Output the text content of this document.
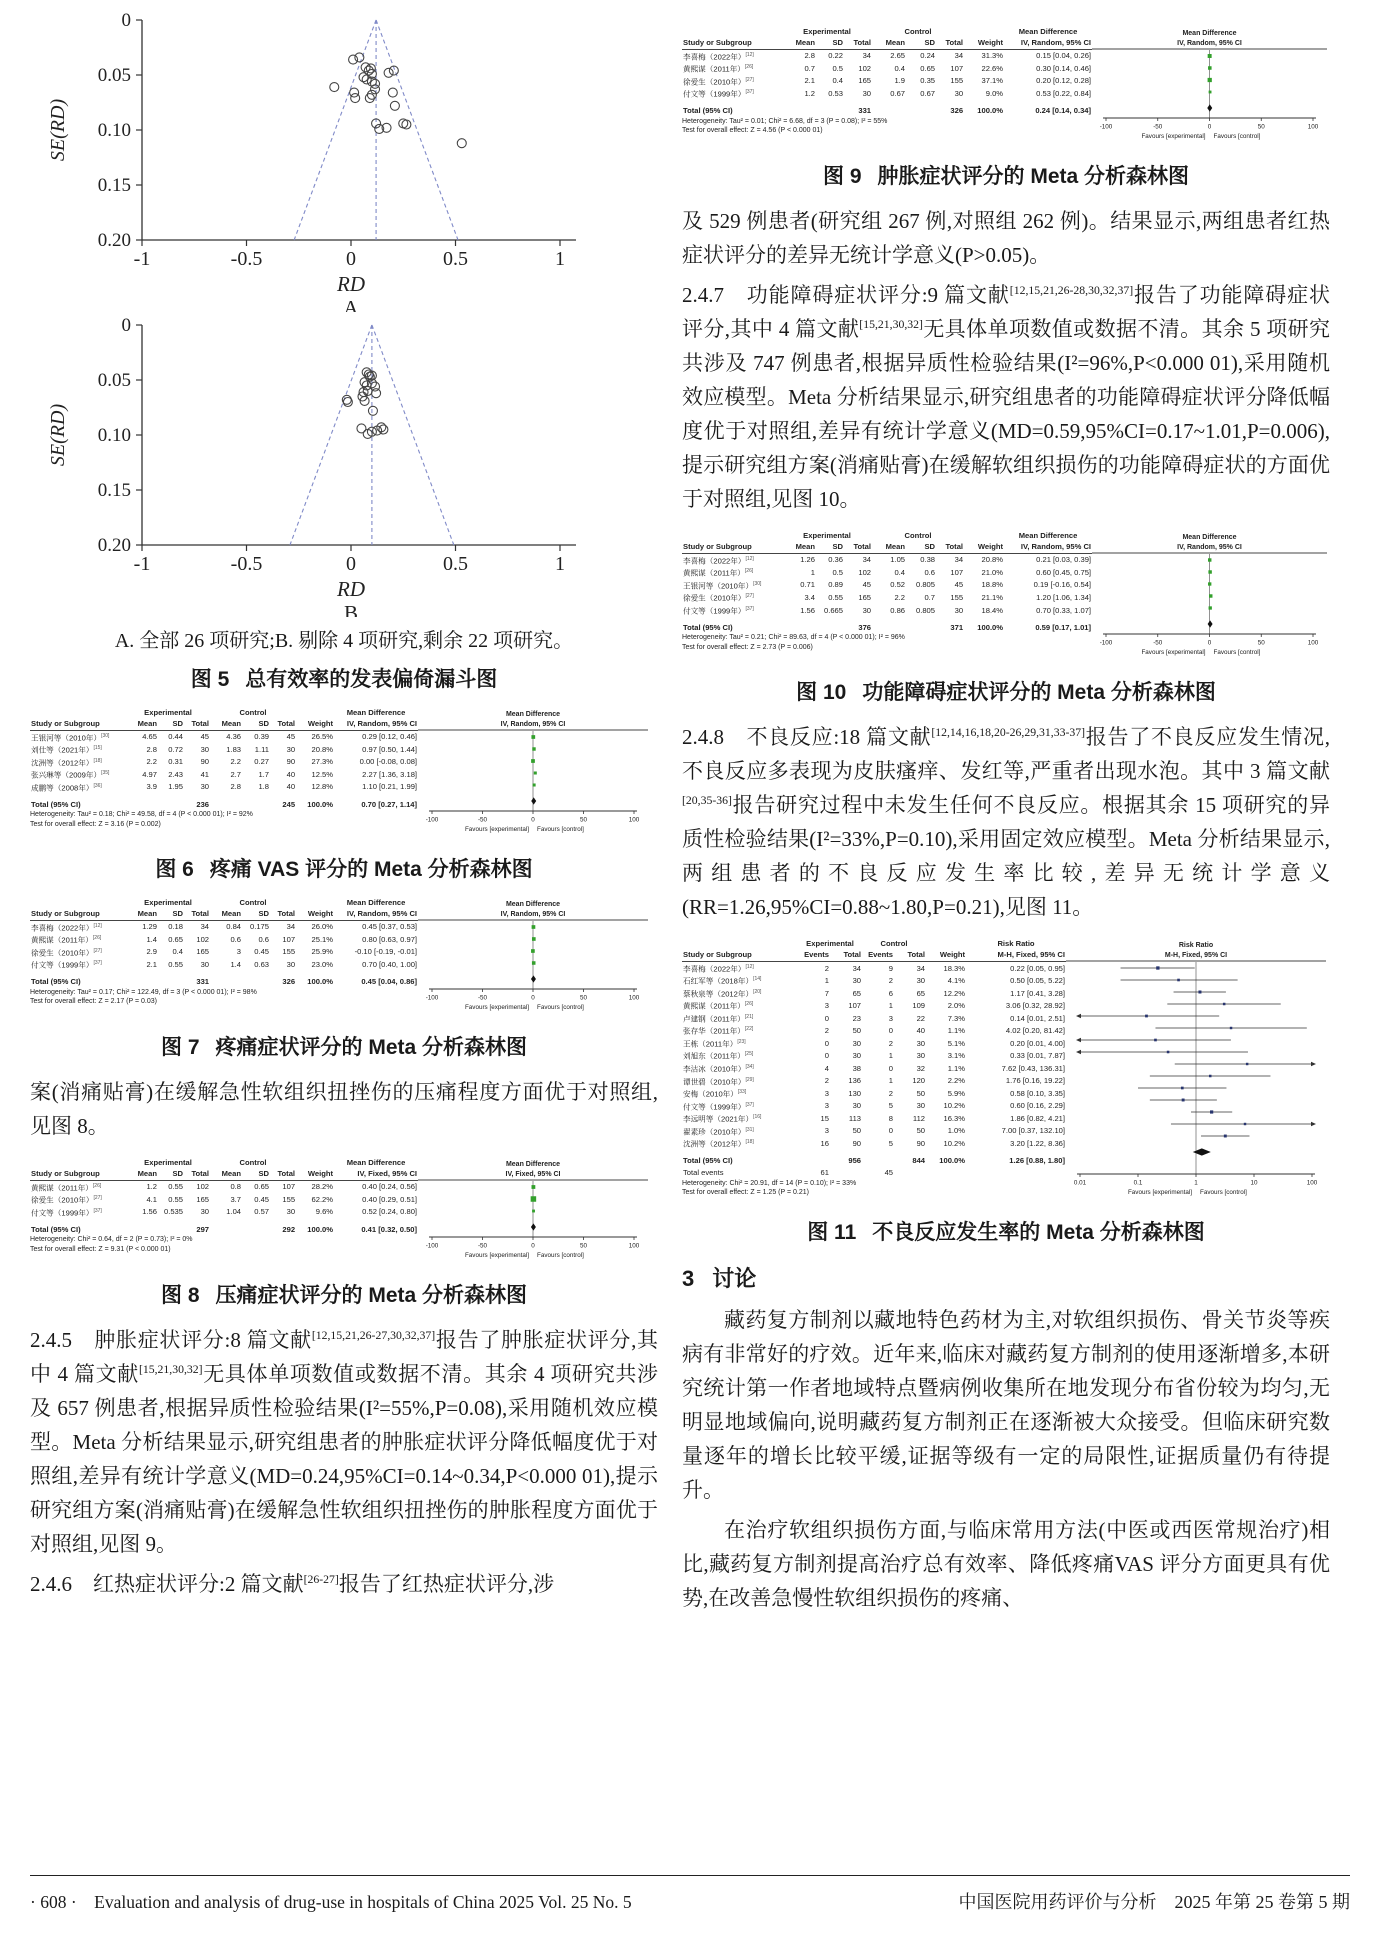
0
0.05
0.10
0.15
0.20
-1	-0.5	0	0.5	1
SE(RD)
RD
A
0
0.05
0.10
0.15
0.20
-1	-0.5	0	0.5	1
SE(RD)
RD
B
A. 全部 26 项研究;B. 剔除 4 项研究,剩余 22 项研究。
图 5 总有效率的发表偏倚漏斗图
	Experimental			Control				Mean Difference
Study or Subgroup	Mean	SD	Total	Mean	SD	Total	Weight	IV, Random, 95% CI
王银河等（2010年）[30]	4.65	0.44	45	4.36	0.39	45	26.5%	0.29 [0.12, 0.46]
刘仕等（2021年）[15]	2.8	0.72	30	1.83	1.11	30	20.8%	0.97 [0.50, 1.44]
沈洲等（2012年）[18]	2.2	0.31	90	2.2	0.27	90	27.3%	0.00 [-0.08, 0.08]
张兴琳等（2009年）[35]	4.97	2.43	41	2.7	1.7	40	12.5%	2.27 [1.36, 3.18]
成鹏等（2008年）[36]	3.9	1.95	30	2.8	1.8	40	12.8%	1.10 [0.21, 1.99]

Total (95% CI)			236			245	100.0%	0.70 [0.27, 1.14]
Heterogeneity: Tau² = 0.18; Chi² = 49.58, df = 4 (P < 0.000 01); I² = 92%
Test for overall effect: Z = 3.16 (P = 0.002)
Mean Difference
IV, Random, 95% CI
-100	-50	0	50	100
Favours [experimental] Favours [control]
图 6 疼痛 VAS 评分的 Meta 分析森林图
	Experimental			Control				Mean Difference
Study or Subgroup	Mean	SD	Total	Mean	SD	Total	Weight	IV, Random, 95% CI
李喜梅（2022年）[12]	1.29	0.18	34	0.84	0.175	34	26.0%	0.45 [0.37, 0.53]
黄熙谋（2011年）[26]	1.4	0.65	102	0.6	0.6	107	25.1%	0.80 [0.63, 0.97]
徐爱生（2010年）[27]	2.9	0.4	165	3	0.45	155	25.9%	-0.10 [-0.19, -0.01]
付文等（1999年）[37]	2.1	0.55	30	1.4	0.63	30	23.0%	0.70 [0.40, 1.00]

Total (95% CI)			331			326	100.0%	0.45 [0.04, 0.86]
Heterogeneity: Tau² = 0.17; Chi² = 122.49, df = 3 (P < 0.000 01); I² = 98%
Test for overall effect: Z = 2.17 (P = 0.03)
Mean Difference
IV, Random, 95% CI
-100	-50	0	50	100
Favours [experimental] Favours [control]
图 7 疼痛症状评分的 Meta 分析森林图

案(消痛贴膏)在缓解急性软组织扭挫伤的压痛程度方面优于对照组,见图 8。

	Experimental			Control				Mean Difference
Study or Subgroup	Mean	SD	Total	Mean	SD	Total	Weight	IV, Fixed, 95% CI
黄熙谋（2011年）[26]	1.2	0.55	102	0.8	0.65	107	28.2%	0.40 [0.24, 0.56]
徐爱生（2010年）[27]	4.1	0.55	165	3.7	0.45	155	62.2%	0.40 [0.29, 0.51]
付文等（1999年）[37]	1.56	0.535	30	1.04	0.57	30	9.6%	0.52 [0.24, 0.80]

Total (95% CI)			297			292	100.0%	0.41 [0.32, 0.50]
Heterogeneity: Chi² = 0.64, df = 2 (P = 0.73); I² = 0%
Test for overall effect: Z = 9.31 (P < 0.000 01)
Mean Difference
IV, Fixed, 95% CI
-100	-50	0	50	100
Favours [experimental] Favours [control]
图 8 压痛症状评分的 Meta 分析森林图

2.4.5　肿胀症状评分:8 篇文献[12,15,21,26-27,30,32,37]报告了肿胀症状评分,其中 4 篇文献[15,21,30,32]无具体单项数值或数据不清。其余 4 项研究共涉及 657 例患者,根据异质性检验结果(I²=55%,P=0.08),采用随机效应模型。Meta 分析结果显示,研究组患者的肿胀症状评分降低幅度优于对照组,差异有统计学意义(MD=0.24,95%CI=0.14~0.34,P<0.000 01),提示研究组方案(消痛贴膏)在缓解急性软组织扭挫伤的肿胀程度方面优于对照组,见图 9。

2.4.6　红热症状评分:2 篇文献[26-27]报告了红热症状评分,涉

	Experimental			Control				Mean Difference
Study or Subgroup	Mean	SD	Total	Mean	SD	Total	Weight	IV, Random, 95% CI
李喜梅（2022年）[12]	2.8	0.22	34	2.65	0.24	34	31.3%	0.15 [0.04, 0.26]
黄熙谋（2011年）[26]	0.7	0.5	102	0.4	0.65	107	22.6%	0.30 [0.14, 0.46]
徐爱生（2010年）[27]	2.1	0.4	165	1.9	0.35	155	37.1%	0.20 [0.12, 0.28]
付文等（1999年）[37]	1.2	0.53	30	0.67	0.67	30	9.0%	0.53 [0.22, 0.84]

Total (95% CI)			331			326	100.0%	0.24 [0.14, 0.34]
Heterogeneity: Tau² = 0.01; Chi² = 6.68, df = 3 (P = 0.08); I² = 55%
Test for overall effect: Z = 4.56 (P < 0.000 01)
Mean Difference
IV, Random, 95% CI
-100	-50	0	50	100
Favours [experimental] Favours [control]
图 9 肿胀症状评分的 Meta 分析森林图

及 529 例患者(研究组 267 例,对照组 262 例)。结果显示,两组患者红热症状评分的差异无统计学意义(P>0.05)。

2.4.7　功能障碍症状评分:9 篇文献[12,15,21,26-28,30,32,37]报告了功能障碍症状评分,其中 4 篇文献[15,21,30,32]无具体单项数值或数据不清。其余 5 项研究共涉及 747 例患者,根据异质性检验结果(I²=96%,P<0.000 01),采用随机效应模型。Meta 分析结果显示,研究组患者的功能障碍症状评分降低幅度优于对照组,差异有统计学意义(MD=0.59,95%CI=0.17~1.01,P=0.006),提示研究组方案(消痛贴膏)在缓解软组织损伤的功能障碍症状的方面优于对照组,见图 10。

	Experimental			Control				Mean Difference
Study or Subgroup	Mean	SD	Total	Mean	SD	Total	Weight	IV, Random, 95% CI
李喜梅（2022年）[12]	1.26	0.36	34	1.05	0.38	34	20.8%	0.21 [0.03, 0.39]
黄熙谋（2011年）[26]	1	0.5	102	0.4	0.6	107	21.0%	0.60 [0.45, 0.75]
王银河等（2010年）[30]	0.71	0.89	45	0.52	0.805	45	18.8%	0.19 [-0.16, 0.54]
徐爱生（2010年）[27]	3.4	0.55	165	2.2	0.7	155	21.1%	1.20 [1.06, 1.34]
付文等（1999年）[37]	1.56	0.665	30	0.86	0.805	30	18.4%	0.70 [0.33, 1.07]

Total (95% CI)			376			371	100.0%	0.59 [0.17, 1.01]
Heterogeneity: Tau² = 0.21; Chi² = 89.63, df = 4 (P < 0.000 01); I² = 96%
Test for overall effect: Z = 2.73 (P = 0.006)
Mean Difference
IV, Random, 95% CI
-100	-50	0	50	100
Favours [experimental] Favours [control]
图 10 功能障碍症状评分的 Meta 分析森林图

2.4.8　不良反应:18 篇文献[12,14,16,18,20-26,29,31,33-37]报告了不良反应发生情况,不良反应多表现为皮肤瘙痒、发红等,严重者出现水泡。其中 3 篇文献[20,35-36]报告研究过程中未发生任何不良反应。根据其余 15 项研究的异质性检验结果(I²=33%,P=0.10),采用固定效应模型。Meta 分析结果显示,两组患者的不良反应发生率比较,差异无统计学意义(RR=1.26,95%CI=0.88~1.80,P=0.21),见图 11。

	Experimental		Control			Risk Ratio
Study or Subgroup	Events	Total	Events	Total	Weight	M-H, Fixed, 95% CI
李喜梅（2022年）[12]	2	34	9	34	18.3%	0.22 [0.05, 0.95]
石红军等（2018年）[14]	1	30	2	30	4.1%	0.50 [0.05, 5.22]
蔡秋泉等（2012年）[20]	7	65	6	65	12.2%	1.17 [0.41, 3.28]
黄熙谋（2011年）[26]	3	107	1	109	2.0%	3.06 [0.32, 28.92]
卢建钢（2011年）[21]	0	23	3	22	7.3%	0.14 [0.01, 2.51]
张存华（2011年）[22]	2	50	0	40	1.1%	4.02 [0.20, 81.42]
王栋（2011年）[23]	0	30	2	30	5.1%	0.20 [0.01, 4.00]
刘旭东（2011年）[25]	0	30	1	30	3.1%	0.33 [0.01, 7.87]
李沽冰（2010年）[34]	4	38	0	32	1.1%	7.62 [0.43, 136.31]
谭世碧（2010年）[29]	2	136	1	120	2.2%	1.76 [0.16, 19.22]
安梅（2010年）[33]	3	130	2	50	5.9%	0.58 [0.10, 3.35]
付文等（1999年）[37]	3	30	5	30	10.2%	0.60 [0.16, 2.29]
李远明等（2021年）[16]	15	113	8	112	16.3%	1.86 [0.82, 4.21]
翟素珍（2010年）[31]	3	50	0	50	1.0%	7.00 [0.37, 132.10]
沈洲等（2012年）[18]	16	90	5	90	10.2%	3.20 [1.22, 8.36]

Total (95% CI)		956		844	100.0%	1.26 [0.88, 1.80]
Total events	61		45			
Heterogeneity: Chi² = 20.91, df = 14 (P = 0.10); I² = 33%
Test for overall effect: Z = 1.25 (P = 0.21)
Risk Ratio
M-H, Fixed, 95% CI
0.01	0.1	1	10	100
Favours [experimental] Favours [control]
图 11 不良反应发生率的 Meta 分析森林图
3 讨论

藏药复方制剂以藏地特色药材为主,对软组织损伤、骨关节炎等疾病有非常好的疗效。近年来,临床对藏药复方制剂的使用逐渐增多,本研究统计第一作者地域特点暨病例收集所在地发现分布省份较为均匀,无明显地域偏向,说明藏药复方制剂正在逐渐被大众接受。但临床研究数量逐年的增长比较平缓,证据等级有一定的局限性,证据质量仍有待提升。

在治疗软组织损伤方面,与临床常用方法(中医或西医常规治疗)相比,藏药复方制剂提高治疗总有效率、降低疼痛VAS 评分方面更具有优势,在改善急慢性软组织损伤的疼痛、

· 608 ·  Evaluation and analysis of drug-use in hospitals of China 2025 Vol. 25 No. 5	中国医院用药评价与分析　2025 年第 25 卷第 5 期
